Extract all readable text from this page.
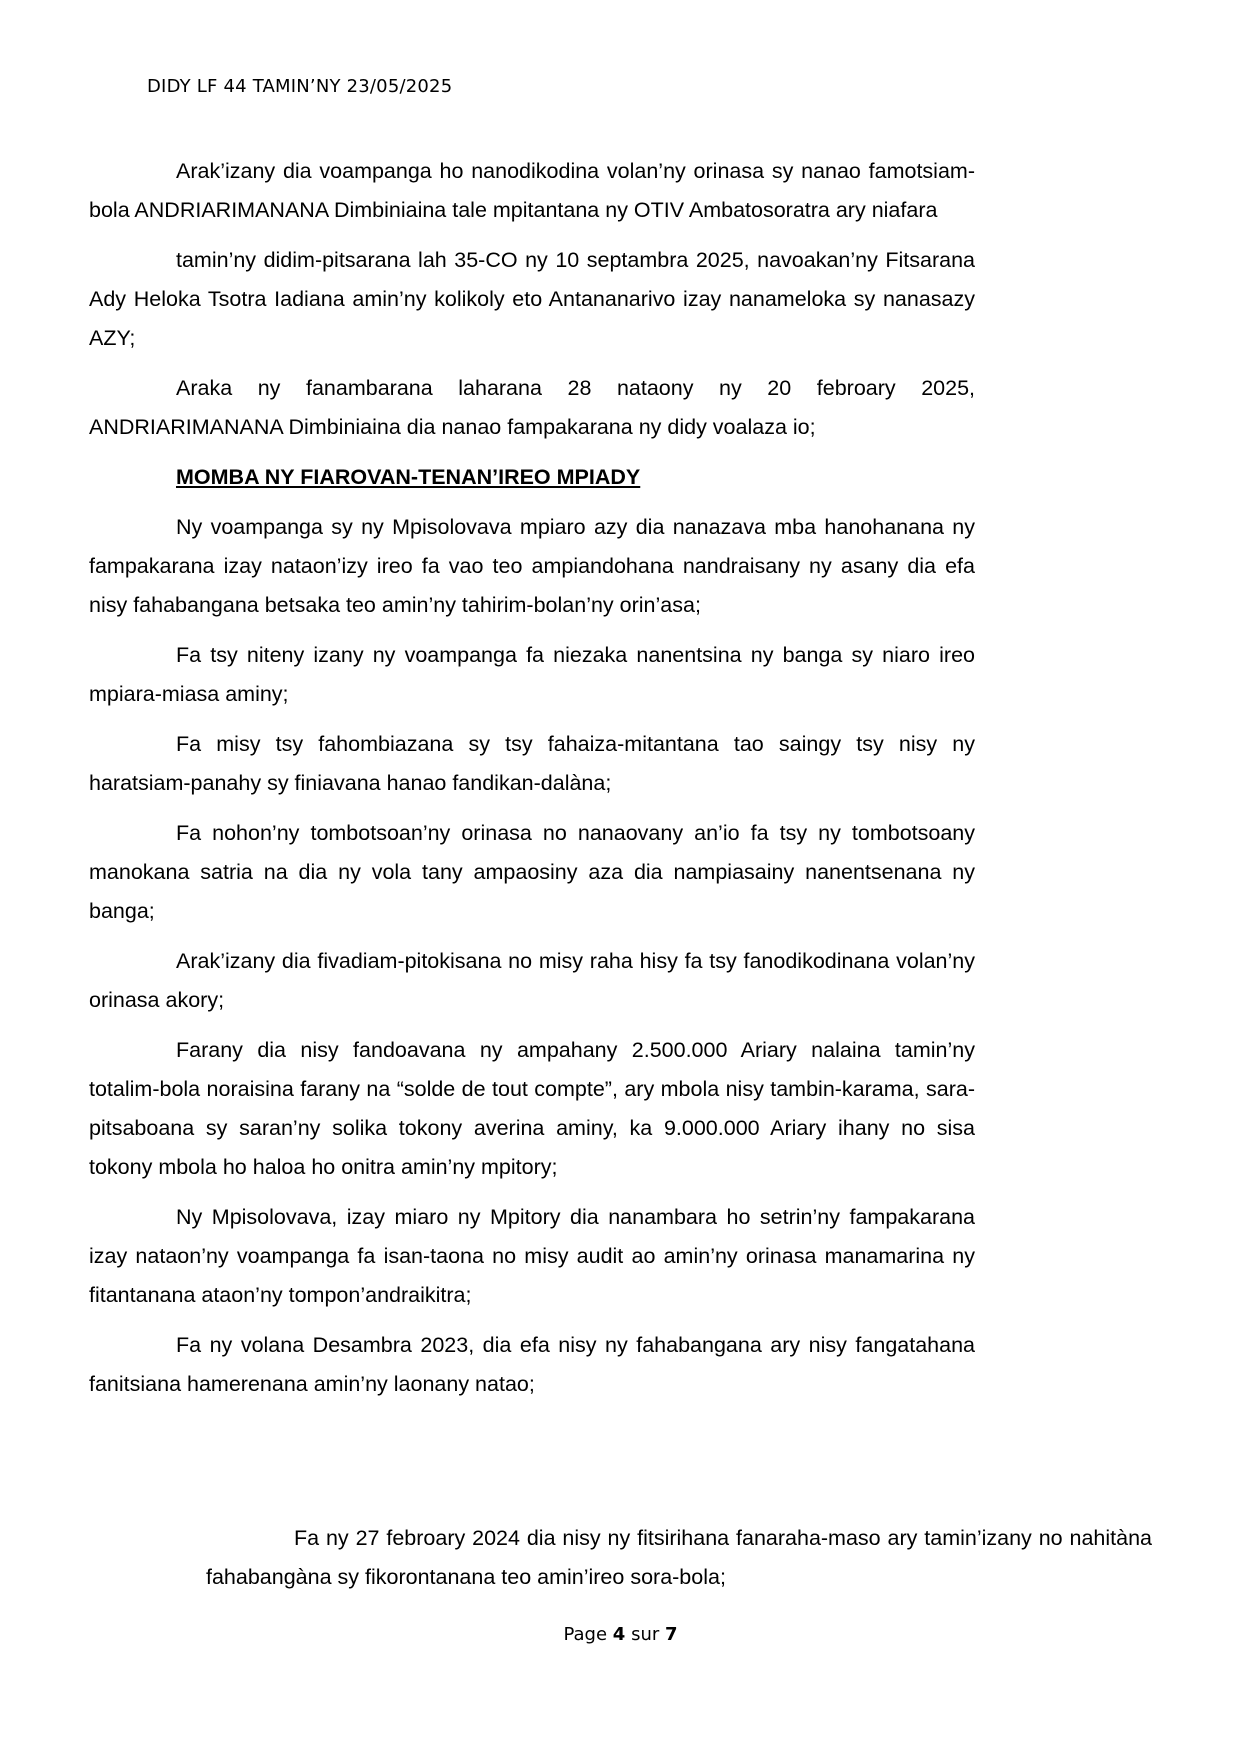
DIDY LF 44 TAMIN’NY 23/05/2025

Arak’izany dia voampanga ho nanodikodina volan’ny orinasa sy nanao famotsiam-bola ANDRIARIMANANA Dimbiniaina tale mpitantana ny OTIV Ambatosoratra ary niafara

tamin’ny didim-pitsarana lah 35-CO ny 10 septambra 2025, navoakan’ny Fitsarana Ady Heloka Tsotra Iadiana amin’ny kolikoly eto Antananarivo izay nanameloka sy nanasazy AZY;

Araka ny fanambarana laharana 28 nataony ny 20 febroary 2025, ANDRIARIMANANA Dimbiniaina dia nanao fampakarana ny didy voalaza io;

MOMBA NY FIAROVAN-TENAN’IREO MPIADY

Ny voampanga sy ny Mpisolovava mpiaro azy dia nanazava mba hanohanana ny fampakarana izay nataon’izy ireo fa vao teo ampiandohana nandraisany ny asany dia efa nisy fahabangana betsaka teo amin’ny tahirim-bolan’ny orin’asa;

Fa tsy niteny izany ny voampanga fa niezaka nanentsina ny banga sy niaro ireo mpiara-miasa aminy;

Fa misy tsy fahombiazana sy tsy fahaiza-mitantana tao saingy tsy nisy ny haratsiam-panahy sy finiavana hanao fandikan-dalàna;

Fa nohon’ny tombotsoan’ny orinasa no nanaovany an’io fa tsy ny tombotsoany manokana satria na dia ny vola tany ampaosiny aza dia nampiasainy nanentsenana ny banga;

Arak’izany dia fivadiam-pitokisana no misy raha hisy fa tsy fanodikodinana volan’ny orinasa akory;

Farany dia nisy fandoavana ny ampahany 2.500.000 Ariary nalaina tamin’ny totalim-bola noraisina farany na “solde de tout compte”, ary mbola nisy tambin-karama, sara-pitsaboana sy saran’ny solika tokony averina aminy, ka 9.000.000 Ariary ihany no sisa tokony mbola ho haloa ho onitra amin’ny mpitory;

Ny Mpisolovava, izay miaro ny Mpitory dia nanambara ho setrin’ny fampakarana izay nataon’ny voampanga fa isan-taona no misy audit ao amin’ny orinasa manamarina ny fitantanana ataon’ny tompon’andraikitra;

Fa ny volana Desambra 2023, dia efa nisy ny fahabangana ary nisy fangatahana fanitsiana hamerenana amin’ny laonany natao;

Fa ny 27 febroary 2024 dia nisy ny fitsirihana fanaraha-maso ary tamin’izany no nahitàna fahabangàna sy fikorontanana teo amin’ireo sora-bola;

Page 4 sur 7
